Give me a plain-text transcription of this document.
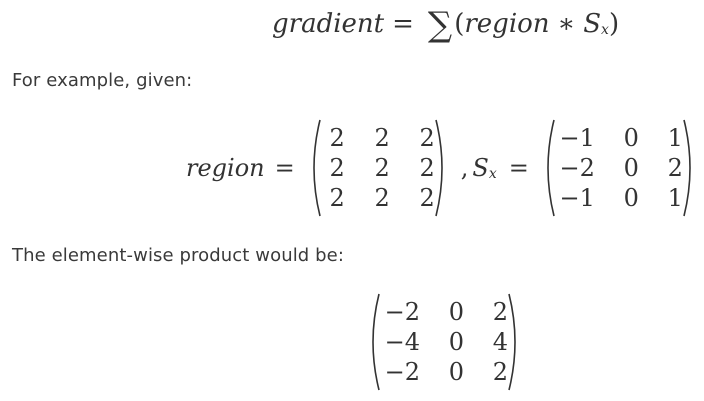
gradient = ∑ ( region ∗ S x )
For example, given:
region =
2	2	2
2	2	2
2	2	2
, S x =
−1	0	1
−2	0	2
−1	0	1
The element-wise product would be:
−2	0	2
−4	0	4
−2	0	2
